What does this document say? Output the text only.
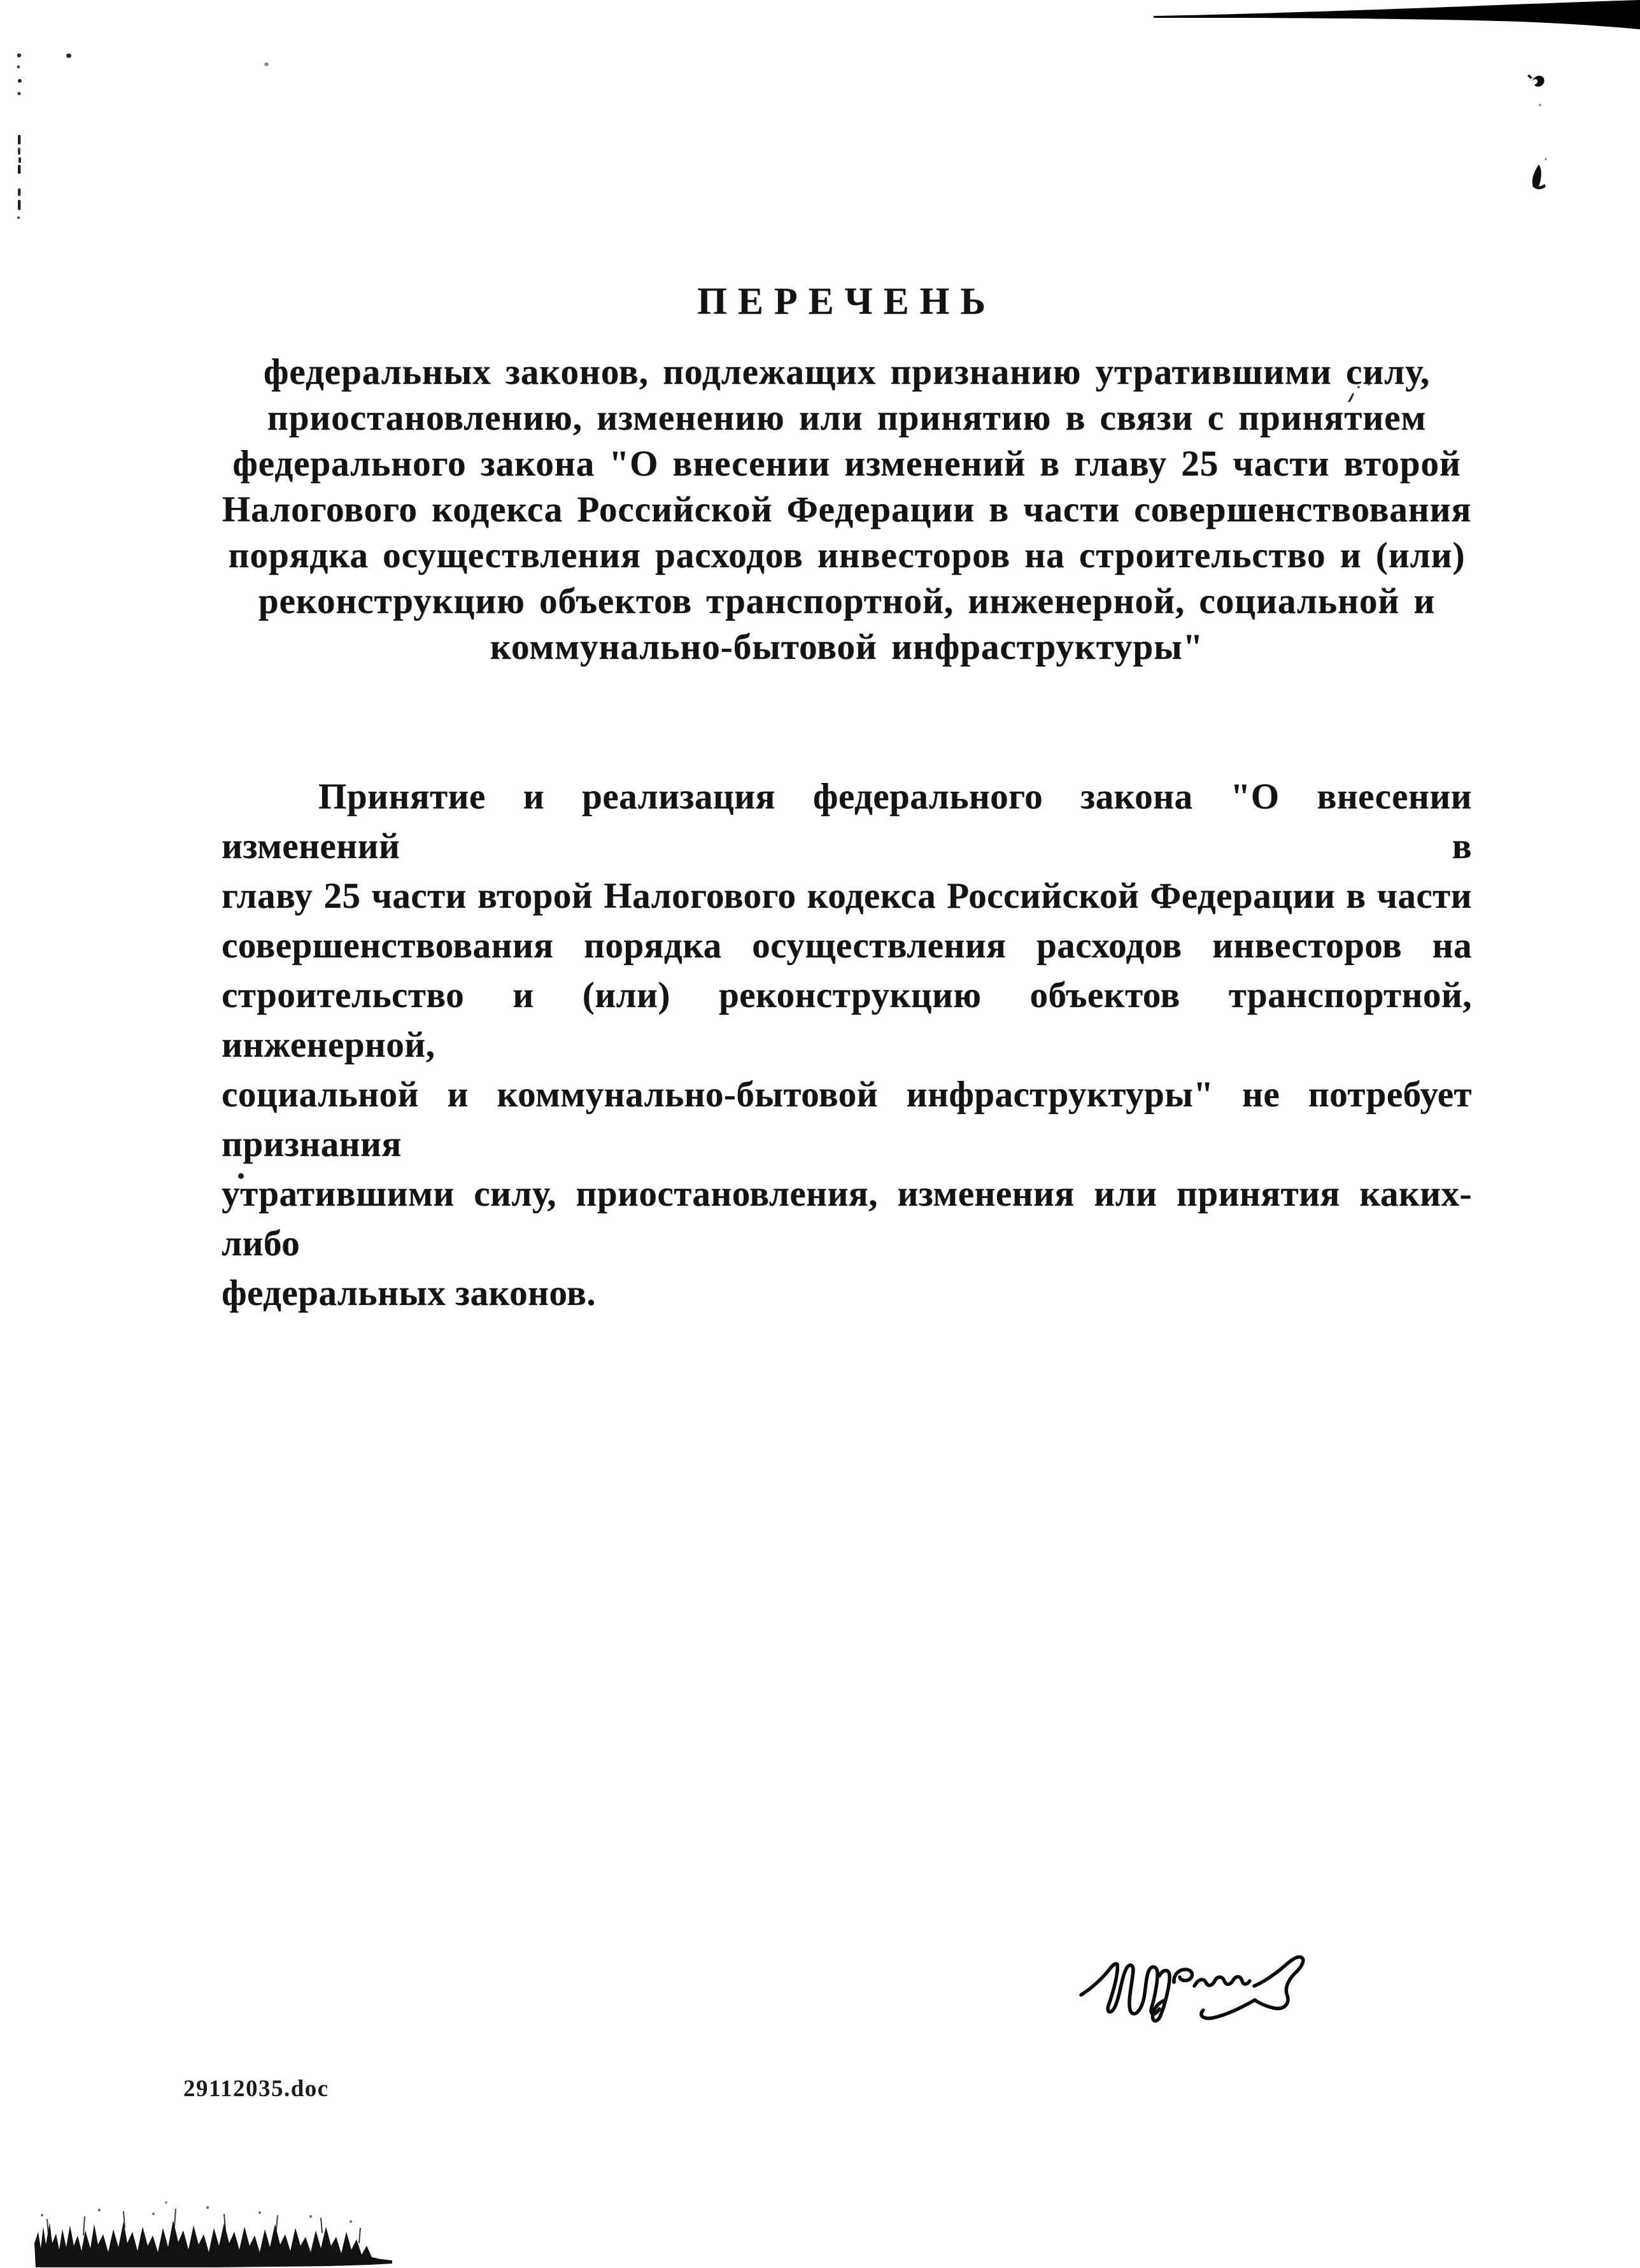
ПЕРЕЧЕНЬ
федеральных законов, подлежащих признанию утратившими силу,
приостановлению, изменению или принятию в связи с принятием
федерального закона "О внесении изменений в главу 25 части второй
Налогового кодекса Российской Федерации в части совершенствования
порядка осуществления расходов инвесторов на строительство и (или)
реконструкцию объектов транспортной, инженерной, социальной и
коммунально-бытовой инфраструктуры"
Принятие и реализация федерального закона "О внесении изменений в
главу 25 части второй Налогового кодекса Российской Федерации в части
совершенствования порядка осуществления расходов инвесторов на
строительство и (или) реконструкцию объектов транспортной, инженерной,
социальной и коммунально-бытовой инфраструктуры" не потребует признания
утратившими силу, приостановления, изменения или принятия каких-либо
федеральных законов.
29112035.doc
